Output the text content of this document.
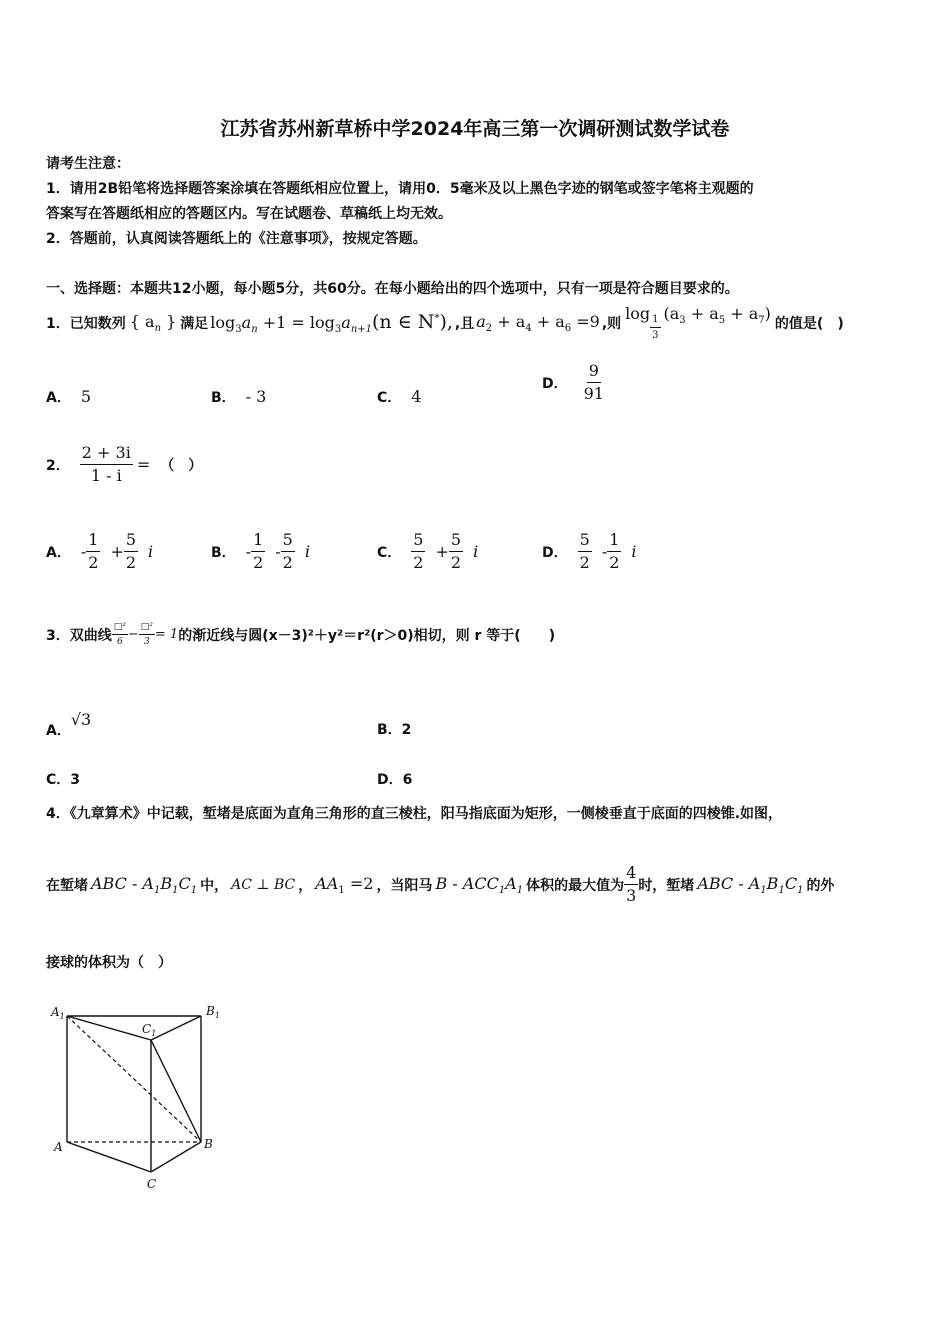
江苏省苏州新草桥中学2024年高三第一次调研测试数学试卷
请考生注意：
1．请用2B铅笔将选择题答案涂填在答题纸相应位置上，请用0．5毫米及以上黑色字迹的钢笔或签字笔将主观题的
答案写在答题纸相应的答题区内。写在试题卷、草稿纸上均无效。
2．答题前，认真阅读答题纸上的《注意事项》，按规定答题。
一、选择题：本题共12小题，每小题5分，共60分。在每小题给出的四个选项中，只有一项是符合题目要求的。
1．已知数列 { $a_n$ } 满足 $\log_3a_n +1 = \log_3a_{n+1}(n$ ∈ N*), ,且 $a_2 + a_4 + a_6 =9$ ,则
log
$\frac{1}{3}$
$(a_3 + a_5 + a_7)$
的值是(　)
A． 5	B． - 3	C． 4
D． $\frac{9}{91}$
2． $\frac{2 + 3i}{1 - i}$ = （　）
A． - $\frac{1}{2} + \frac{5}{2}$ i	B． - $\frac{1}{2} - \frac{5}{2}$ i	C． $\frac{5}{2} + \frac{5}{2}$ i	D． $\frac{5}{2} - \frac{1}{2}$ i
3．双曲线 $\frac{\text{□²}}{6} - \frac{\text{□²}}{3} = 1$ 的渐近线与圆(x－3)²＋y²＝r²(r＞0)相切，则 r 等于(　　)
A．
√3
B．2
C．3	D．6
4．《九章算术》中记载，堑堵是底面为直角三角形的直三棱柱，阳马指底面为矩形，一侧棱垂直于底面的四棱锥.如图，
在堑堵 ABC - $A_1B_1C_1$ 中， AC ⊥ BC ， $AA_1 =2$ ，当阳马 B - $ACC_1A_1$ 体积的最大值为 $\frac{4}{3}$ 时，堑堵 ABC - $A_1B_1C_1$ 的外
接球的体积为（　）
$A_1$	$B_1$
$C_1$
A	B
C
